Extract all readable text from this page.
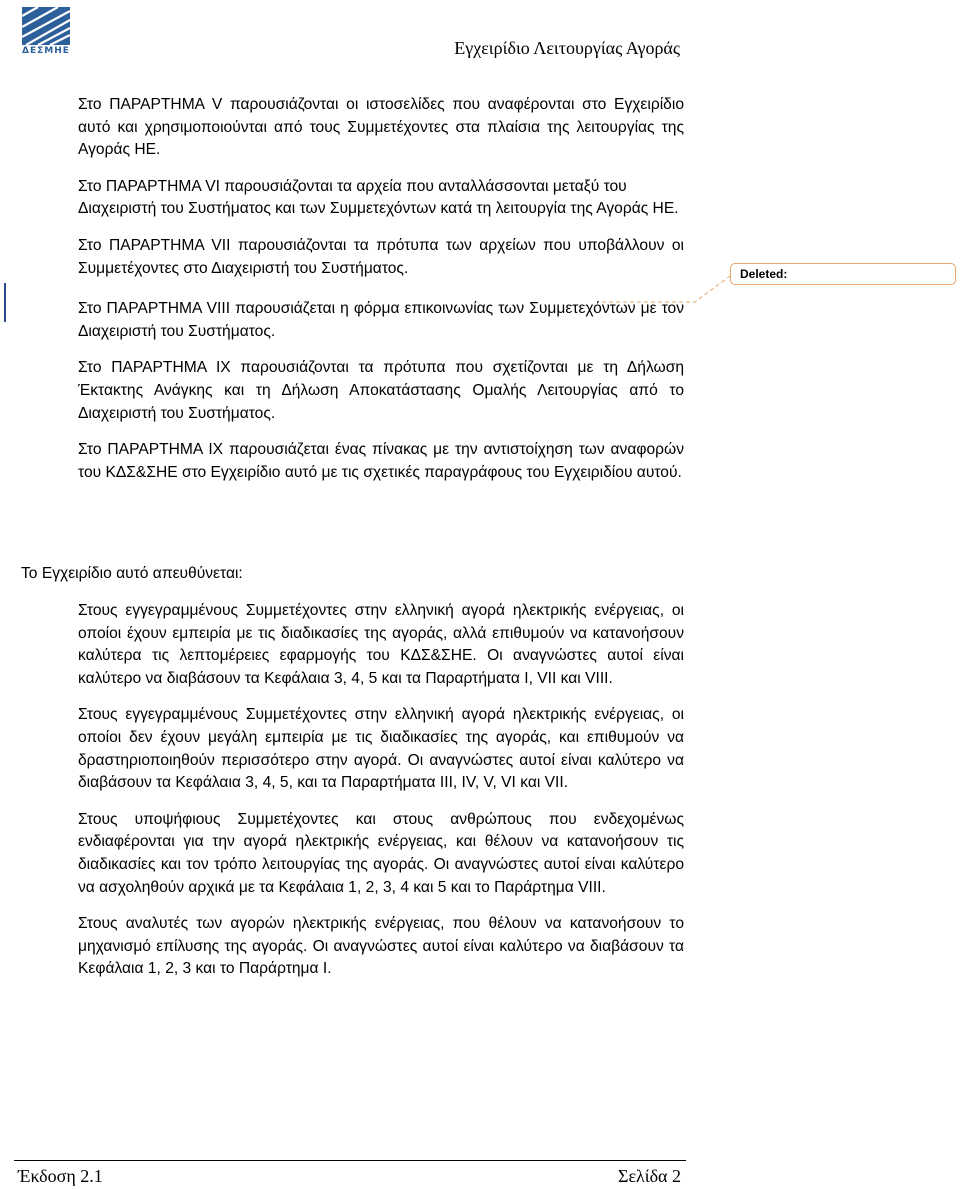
ΔΕΣΜΗΕ	Εγχειρίδιο Λειτουργίας Αγοράς
Deleted:

Στο ΠΑΡΑΡΤΗΜΑ V παρουσιάζονται οι ιστοσελίδες που αναφέρονται στο Εγχειρίδιο αυτό και χρησιμοποιούνται από τους Συμμετέχοντες στα πλαίσια της λειτουργίας της Αγοράς ΗΕ.

Στο ΠΑΡΑΡΤΗΜΑ VI παρουσιάζονται τα αρχεία που ανταλλάσσονται μεταξύ του Διαχειριστή του Συστήματος και των Συμμετεχόντων κατά τη λειτουργία της Αγοράς ΗΕ.

Στο ΠΑΡΑΡΤΗΜΑ VII παρουσιάζονται τα πρότυπα των αρχείων που υποβάλλουν οι Συμμετέχοντες στο Διαχειριστή του Συστήματος.

Στο ΠΑΡΑΡΤΗΜΑ VIII παρουσιάζεται η φόρμα επικοινωνίας των Συμμετεχόντων με τον Διαχειριστή του Συστήματος.

Στο ΠΑΡΑΡΤΗΜΑ IX παρουσιάζονται τα πρότυπα που σχετίζονται με τη Δήλωση Έκτακτης Ανάγκης και τη Δήλωση Αποκατάστασης Ομαλής Λειτουργίας από το Διαχειριστή του Συστήματος.

Στο ΠΑΡΑΡΤΗΜΑ IX παρουσιάζεται ένας πίνακας με την αντιστοίχηση των αναφορών του ΚΔΣ&ΣΗΕ στο Εγχειρίδιο αυτό με τις σχετικές παραγράφους του Εγχειριδίου αυτού.

Το Εγχειρίδιο αυτό απευθύνεται:

Στους εγγεγραμμένους Συμμετέχοντες στην ελληνική αγορά ηλεκτρικής ενέργειας, οι οποίοι έχουν εμπειρία με τις διαδικασίες της αγοράς, αλλά επιθυμούν να κατανοήσουν καλύτερα τις λεπτομέρειες εφαρμογής του ΚΔΣ&ΣΗΕ. Οι αναγνώστες αυτοί είναι καλύτερο να διαβάσουν τα Κεφάλαια 3, 4, 5 και τα Παραρτήματα I, VII και VIII.

Στους εγγεγραμμένους Συμμετέχοντες στην ελληνική αγορά ηλεκτρικής ενέργειας, οι οποίοι δεν έχουν μεγάλη εμπειρία με τις διαδικασίες της αγοράς, και επιθυμούν να δραστηριοποιηθούν περισσότερο στην αγορά. Οι αναγνώστες αυτοί είναι καλύτερο να διαβάσουν τα Κεφάλαια 3, 4, 5, και τα Παραρτήματα III, IV, V, VI και VII.

Στους υποψήφιους Συμμετέχοντες και στους ανθρώπους που ενδεχομένως ενδιαφέρονται για την αγορά ηλεκτρικής ενέργειας, και θέλουν να κατανοήσουν τις διαδικασίες και τον τρόπο λειτουργίας της αγοράς. Οι αναγνώστες αυτοί είναι καλύτερο να ασχοληθούν αρχικά με τα Κεφάλαια 1, 2, 3, 4 και 5 και το Παράρτημα VIII.

Στους αναλυτές των αγορών ηλεκτρικής ενέργειας, που θέλουν να κατανοήσουν το μηχανισμό επίλυσης της αγοράς. Οι αναγνώστες αυτοί είναι καλύτερο να διαβάσουν τα Κεφάλαια 1, 2, 3 και το Παράρτημα I.

Έκδοση 2.1	Σελίδα 2
